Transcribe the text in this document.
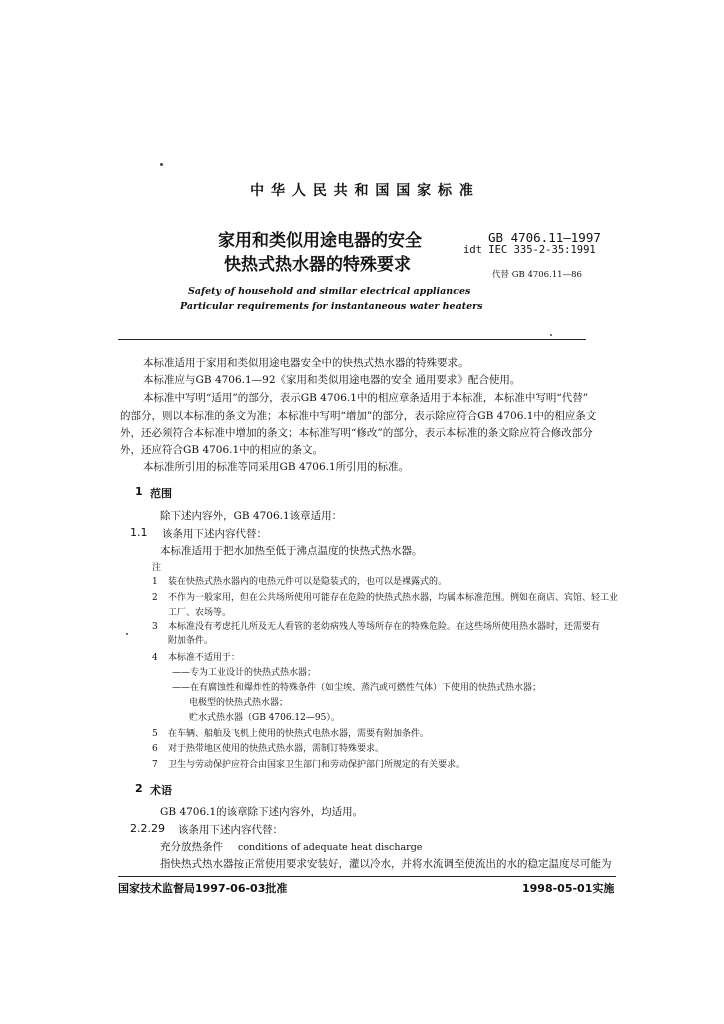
中 华 人 民 共 和 国 国 家 标 准
家用和类似用途电器的安全
快热式热水器的特殊要求
GB 4706.11—1997
idt IEC 335-2-35:1991
代替 GB 4706.11—86
Safety of household and similar electrical appliances
Particular requirements for instantaneous water heaters
本标准适用于家用和类似用途电器安全中的快热式热水器的特殊要求。
本标准应与GB 4706.1—92《家用和类似用途电器的安全 通用要求》配合使用。
本标准中写明“适用”的部分，表示GB 4706.1中的相应章条适用于本标准，本标准中写明“代替”
的部分，则以本标准的条文为准；本标准中写明“增加”的部分，表示除应符合GB 4706.1中的相应条文
外，还必须符合本标准中增加的条文；本标准写明“修改”的部分，表示本标准的条文除应符合修改部分
外，还应符合GB 4706.1中的相应的条文。
本标准所引用的标准等同采用GB 4706.1所引用的标准。
1 范围
除下述内容外，GB 4706.1该章适用：
1.1 该条用下述内容代替：
本标准适用于把水加热至低于沸点温度的快热式热水器。
注
1 装在快热式热水器内的电热元件可以是隐装式的，也可以是裸露式的。
2 不作为一般家用，但在公共场所使用可能存在危险的快热式热水器，均属本标准范围。例如在商店、宾馆、轻工业
工厂、农场等。
3 本标准没有考虑托儿所及无人看管的老幼病残人等场所存在的特殊危险。在这些场所使用热水器时，还需要有
附加条件。
4 本标准不适用于：
——专为工业设计的快热式热水器；
——在有腐蚀性和爆炸性的特殊条件（如尘埃、蒸汽或可燃性气体）下使用的快热式热水器；
电极型的快热式热水器；
贮水式热水器（GB 4706.12—95）。
5 在车辆、船舶及飞机上使用的快热式电热水器，需要有附加条件。
6 对于热带地区使用的快热式热水器，需制订特殊要求。
7 卫生与劳动保护应符合由国家卫生部门和劳动保护部门所规定的有关要求。
2 术语
GB 4706.1的该章除下述内容外，均适用。
2.2.29 该条用下述内容代替：
充分放热条件 conditions of adequate heat discharge
指快热式热水器按正常使用要求安装好，灌以冷水，并将水流调至使流出的水的稳定温度尽可能为
国家技术监督局1997-06-03批准	1998-05-01实施
